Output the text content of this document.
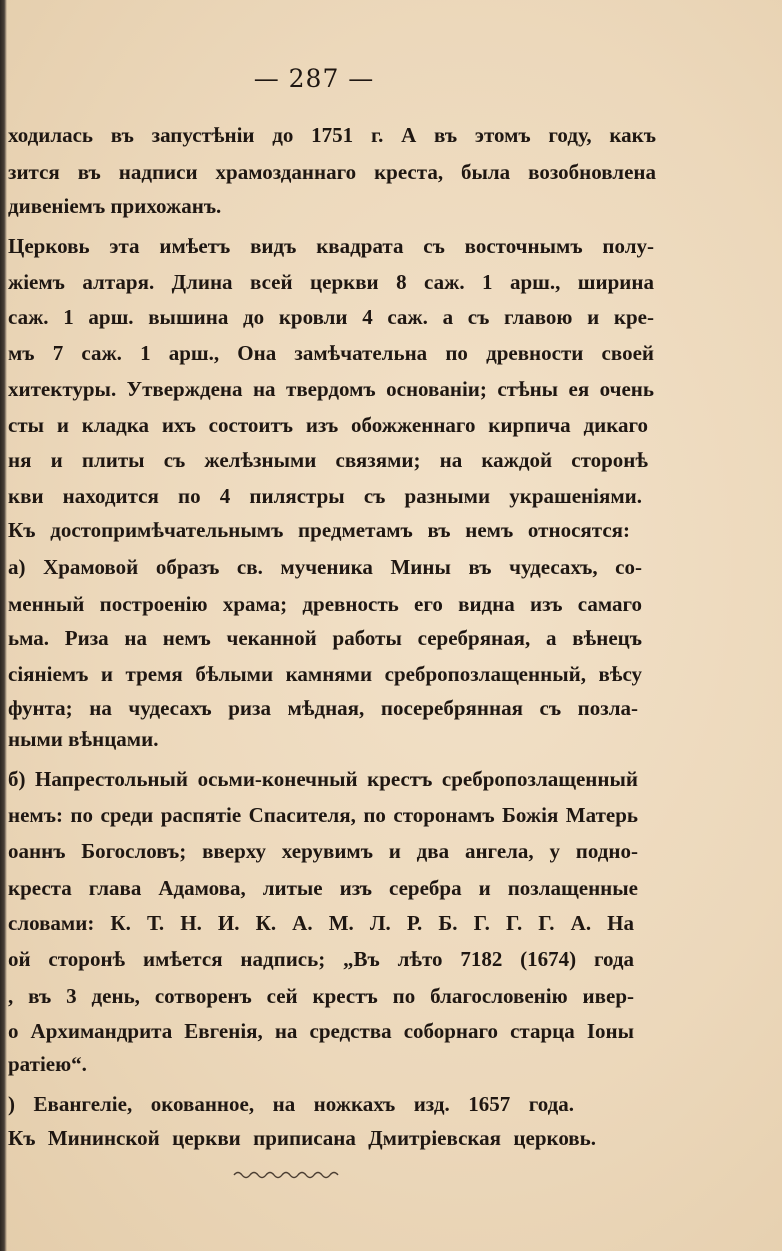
— 287 —
ходилась въ запустѣніи до 1751 г. А въ этомъ году, какъ
зится въ надписи храмозданнаго креста, была возобновлена
дивеніемъ прихожанъ.
Церковь эта имѣетъ видъ квадрата съ восточнымъ полу-
жіемъ алтаря. Длина всей церкви 8 саж. 1 арш., ширина
саж. 1 арш. вышина до кровли 4 саж. а съ главою и кре-
мъ 7 саж. 1 арш., Она замѣчательна по древности своей
хитектуры. Утверждена на твердомъ основаніи; стѣны ея очень
сты и кладка ихъ состоитъ изъ обожженнаго кирпича дикаго
ня и плиты съ желѣзными связями; на каждой сторонѣ
кви находится по 4 пилястры съ разными украшеніями.
Къ достопримѣчательнымъ предметамъ въ немъ относятся:
а) Храмовой образъ св. мученика Мины въ чудесахъ, со-
менный построенію храма; древность его видна изъ самаго
ьма. Риза на немъ чеканной работы серебряная, а вѣнецъ
сіяніемъ и тремя бѣлыми камнями сребропозлащенный, вѣсу
фунта; на чудесахъ риза мѣдная, посеребрянная съ позла-
ными вѣнцами.
б) Напрестольный осьми-конечный крестъ сребропозлащенный
немъ: по среди распятіе Спасителя, по сторонамъ Божія Матерь
оаннъ Богословъ; вверху херувимъ и два ангела, у подно-
креста глава Адамова, литые изъ серебра и позлащенные
словами: К. Т. Н. И. К. А. М. Л. Р. Б. Г. Г. Г. А. На
ой сторонѣ имѣется надпись; „Въ лѣто 7182 (1674) года
, въ 3 день, сотворенъ сей крестъ по благословенію ивер-
о Архимандрита Евгенія, на средства соборнаго старца Іоны
ратіею“.
) Евангеліе, окованное, на ножкахъ изд. 1657 года.
Къ Мининской церкви приписана Дмитріевская церковь.
